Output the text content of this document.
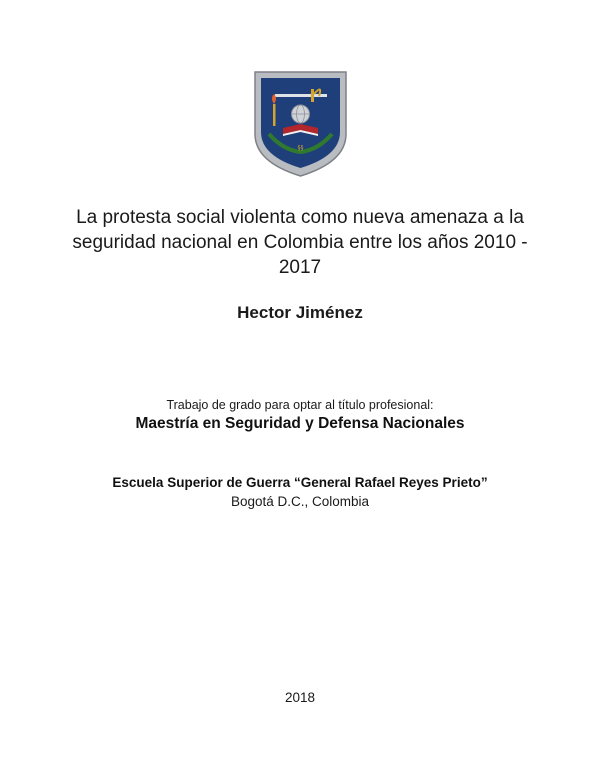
§§
La protesta social violenta como nueva amenaza a la seguridad nacional en Colombia entre los años 2010 - 2017
Hector Jiménez
Trabajo de grado para optar al título profesional:
Maestría en Seguridad y Defensa Nacionales
Escuela Superior de Guerra “General Rafael Reyes Prieto”
Bogotá D.C., Colombia
2018
